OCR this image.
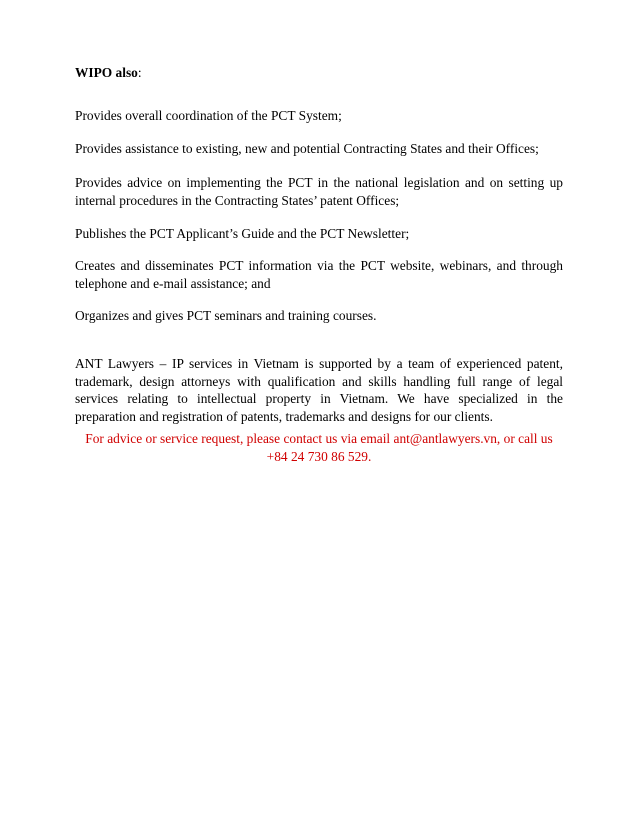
WIPO also:

Provides overall coordination of the PCT System;

Provides assistance to existing, new and potential Contracting States and their Offices;

Provides advice on implementing the PCT in the national legislation and on setting up internal procedures in the Contracting States’ patent Offices;

Publishes the PCT Applicant’s Guide and the PCT Newsletter;

Creates and disseminates PCT information via the PCT website, webinars, and through telephone and e-mail assistance; and

Organizes and gives PCT seminars and training courses.

ANT Lawyers – IP services in Vietnam is supported by a team of experienced patent, trademark, design attorneys with qualification and skills handling full range of legal services relating to intellectual property in Vietnam. We have specialized in the preparation and registration of patents, trademarks and designs for our clients.

For advice or service request, please contact us via email ant@antlawyers.vn, or call us
+84 24 730 86 529.
